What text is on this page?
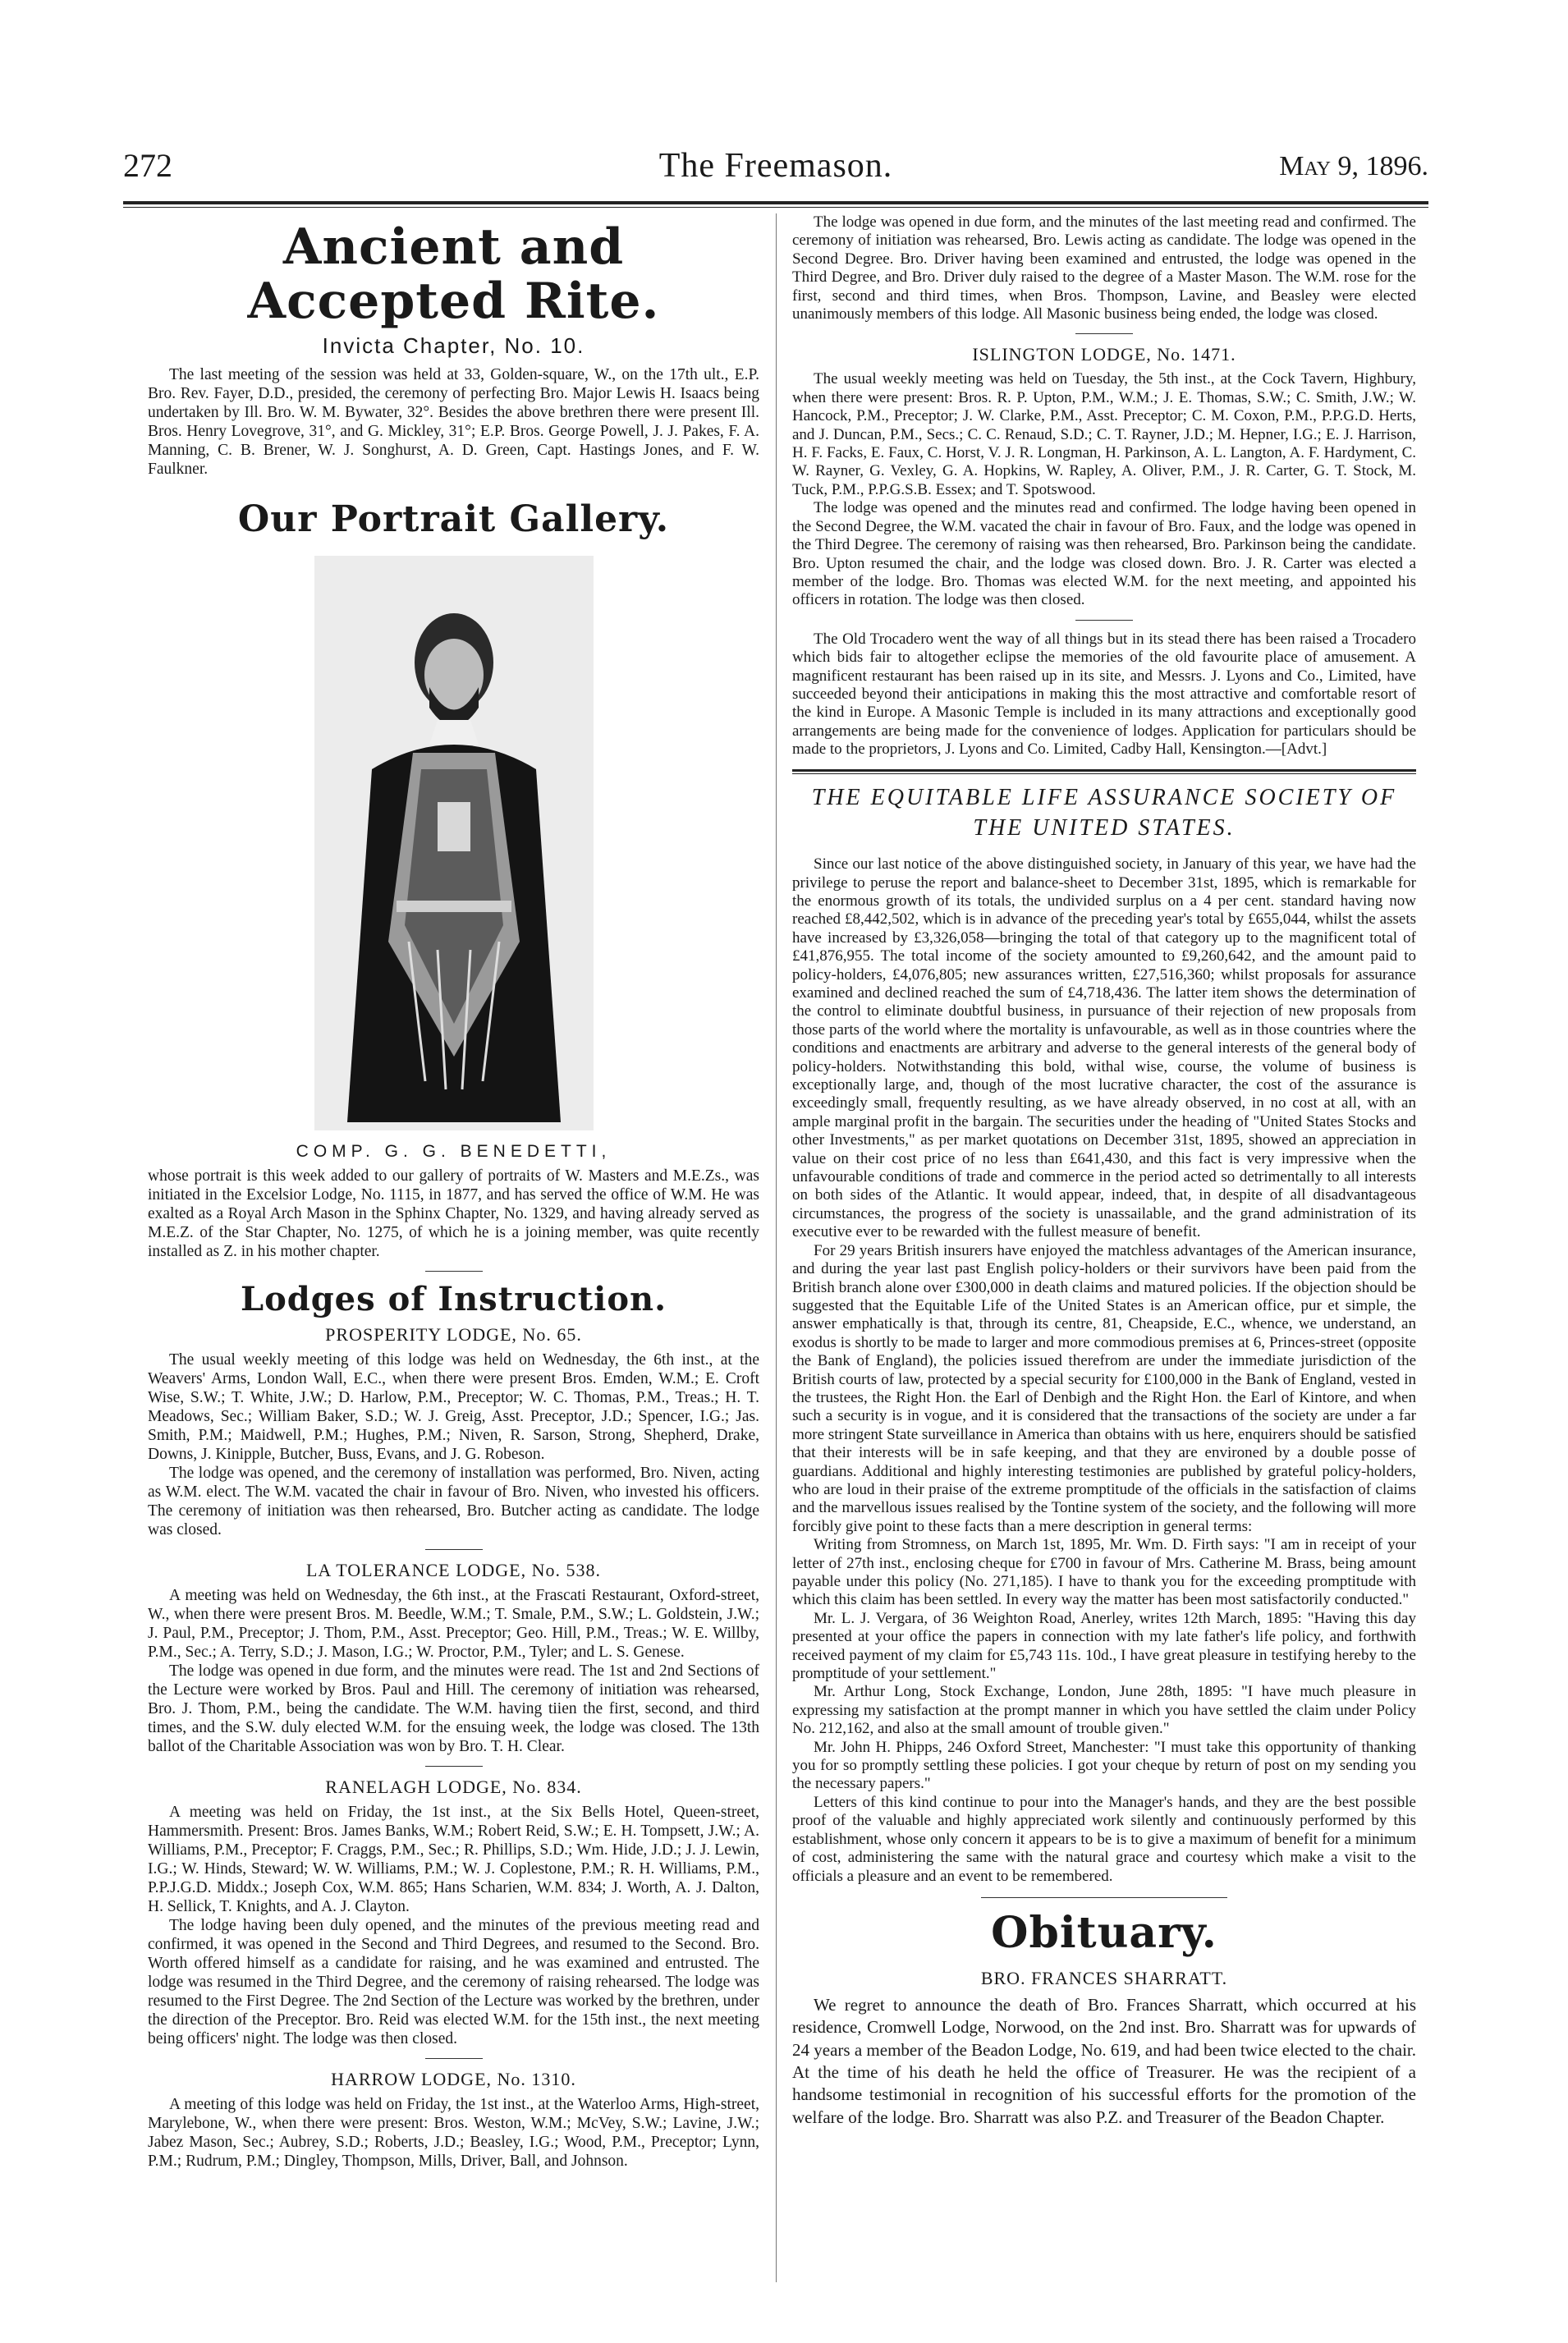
272	The Freemason.	May 9, 1896.
Ancient and Accepted Rite.
Invicta Chapter, No. 10.

The last meeting of the session was held at 33, Golden-square, W., on the 17th ult., E.P. Bro. Rev. Fayer, D.D., presided, the ceremony of perfecting Bro. Major Lewis H. Isaacs being undertaken by Ill. Bro. W. M. Bywater, 32°. Besides the above brethren there were present Ill. Bros. Henry Lovegrove, 31°, and G. Mickley, 31°; E.P. Bros. George Powell, J. J. Pakes, F. A. Manning, C. B. Brener, W. J. Songhurst, A. D. Green, Capt. Hastings Jones, and F. W. Faulkner.

Our Portrait Gallery.
COMP. G. G. BENEDETTI,

whose portrait is this week added to our gallery of portraits of W. Masters and M.E.Zs., was initiated in the Excelsior Lodge, No. 1115, in 1877, and has served the office of W.M. He was exalted as a Royal Arch Mason in the Sphinx Chapter, No. 1329, and having already served as M.E.Z. of the Star Chapter, No. 1275, of which he is a joining member, was quite recently installed as Z. in his mother chapter.

Lodges of Instruction.
PROSPERITY LODGE, No. 65.

The usual weekly meeting of this lodge was held on Wednesday, the 6th inst., at the Weavers' Arms, London Wall, E.C., when there were present Bros. Emden, W.M.; E. Croft Wise, S.W.; T. White, J.W.; D. Harlow, P.M., Preceptor; W. C. Thomas, P.M., Treas.; H. T. Meadows, Sec.; William Baker, S.D.; W. J. Greig, Asst. Preceptor, J.D.; Spencer, I.G.; Jas. Smith, P.M.; Maidwell, P.M.; Hughes, P.M.; Niven, R. Sarson, Strong, Shepherd, Drake, Downs, J. Kinipple, Butcher, Buss, Evans, and J. G. Robeson.

The lodge was opened, and the ceremony of installation was performed, Bro. Niven, acting as W.M. elect. The W.M. vacated the chair in favour of Bro. Niven, who invested his officers. The ceremony of initiation was then rehearsed, Bro. Butcher acting as candidate. The lodge was closed.

LA TOLERANCE LODGE, No. 538.

A meeting was held on Wednesday, the 6th inst., at the Frascati Restaurant, Oxford-street, W., when there were present Bros. M. Beedle, W.M.; T. Smale, P.M., S.W.; L. Goldstein, J.W.; J. Paul, P.M., Preceptor; J. Thom, P.M., Asst. Preceptor; Geo. Hill, P.M., Treas.; W. E. Willby, P.M., Sec.; A. Terry, S.D.; J. Mason, I.G.; W. Proctor, P.M., Tyler; and L. S. Genese.

The lodge was opened in due form, and the minutes were read. The 1st and 2nd Sections of the Lecture were worked by Bros. Paul and Hill. The ceremony of initiation was rehearsed, Bro. J. Thom, P.M., being the candidate. The W.M. having tiien the first, second, and third times, and the S.W. duly elected W.M. for the ensuing week, the lodge was closed. The 13th ballot of the Charitable Association was won by Bro. T. H. Clear.

RANELAGH LODGE, No. 834.

A meeting was held on Friday, the 1st inst., at the Six Bells Hotel, Queen-street, Hammersmith. Present: Bros. James Banks, W.M.; Robert Reid, S.W.; E. H. Tompsett, J.W.; A. Williams, P.M., Preceptor; F. Craggs, P.M., Sec.; R. Phillips, S.D.; Wm. Hide, J.D.; J. J. Lewin, I.G.; W. Hinds, Steward; W. W. Williams, P.M.; W. J. Coplestone, P.M.; R. H. Williams, P.M., P.P.J.G.D. Middx.; Joseph Cox, W.M. 865; Hans Scharien, W.M. 834; J. Worth, A. J. Dalton, H. Sellick, T. Knights, and A. J. Clayton.

The lodge having been duly opened, and the minutes of the previous meeting read and confirmed, it was opened in the Second and Third Degrees, and resumed to the Second. Bro. Worth offered himself as a candidate for raising, and he was examined and entrusted. The lodge was resumed in the Third Degree, and the ceremony of raising rehearsed. The lodge was resumed to the First Degree. The 2nd Section of the Lecture was worked by the brethren, under the direction of the Preceptor. Bro. Reid was elected W.M. for the 15th inst., the next meeting being officers' night. The lodge was then closed.

HARROW LODGE, No. 1310.

A meeting of this lodge was held on Friday, the 1st inst., at the Waterloo Arms, High-street, Marylebone, W., when there were present: Bros. Weston, W.M.; McVey, S.W.; Lavine, J.W.; Jabez Mason, Sec.; Aubrey, S.D.; Roberts, J.D.; Beasley, I.G.; Wood, P.M., Preceptor; Lynn, P.M.; Rudrum, P.M.; Dingley, Thompson, Mills, Driver, Ball, and Johnson.

The lodge was opened in due form, and the minutes of the last meeting read and confirmed. The ceremony of initiation was rehearsed, Bro. Lewis acting as candidate. The lodge was opened in the Second Degree. Bro. Driver having been examined and entrusted, the lodge was opened in the Third Degree, and Bro. Driver duly raised to the degree of a Master Mason. The W.M. rose for the first, second and third times, when Bros. Thompson, Lavine, and Beasley were elected unanimously members of this lodge. All Masonic business being ended, the lodge was closed.

ISLINGTON LODGE, No. 1471.

The usual weekly meeting was held on Tuesday, the 5th inst., at the Cock Tavern, Highbury, when there were present: Bros. R. P. Upton, P.M., W.M.; J. E. Thomas, S.W.; C. Smith, J.W.; W. Hancock, P.M., Preceptor; J. W. Clarke, P.M., Asst. Preceptor; C. M. Coxon, P.M., P.P.G.D. Herts, and J. Duncan, P.M., Secs.; C. C. Renaud, S.D.; C. T. Rayner, J.D.; M. Hepner, I.G.; E. J. Harrison, H. F. Facks, E. Faux, C. Horst, V. J. R. Longman, H. Parkinson, A. L. Langton, A. F. Hardyment, C. W. Rayner, G. Vexley, G. A. Hopkins, W. Rapley, A. Oliver, P.M., J. R. Carter, G. T. Stock, M. Tuck, P.M., P.P.G.S.B. Essex; and T. Spotswood.

The lodge was opened and the minutes read and confirmed. The lodge having been opened in the Second Degree, the W.M. vacated the chair in favour of Bro. Faux, and the lodge was opened in the Third Degree. The ceremony of raising was then rehearsed, Bro. Parkinson being the candidate. Bro. Upton resumed the chair, and the lodge was closed down. Bro. J. R. Carter was elected a member of the lodge. Bro. Thomas was elected W.M. for the next meeting, and appointed his officers in rotation. The lodge was then closed.

The Old Trocadero went the way of all things but in its stead there has been raised a Trocadero which bids fair to altogether eclipse the memories of the old favourite place of amusement. A magnificent restaurant has been raised up in its site, and Messrs. J. Lyons and Co., Limited, have succeeded beyond their anticipations in making this the most attractive and comfortable resort of the kind in Europe. A Masonic Temple is included in its many attractions and exceptionally good arrangements are being made for the convenience of lodges. Application for particulars should be made to the proprietors, J. Lyons and Co. Limited, Cadby Hall, Kensington.—[Advt.]

THE EQUITABLE LIFE ASSURANCE SOCIETY OF
THE UNITED STATES.

Since our last notice of the above distinguished society, in January of this year, we have had the privilege to peruse the report and balance-sheet to December 31st, 1895, which is remarkable for the enormous growth of its totals, the undivided surplus on a 4 per cent. standard having now reached £8,442,502, which is in advance of the preceding year's total by £655,044, whilst the assets have increased by £3,326,058—bringing the total of that category up to the magnificent total of £41,876,955. The total income of the society amounted to £9,260,642, and the amount paid to policy-holders, £4,076,805; new assurances written, £27,516,360; whilst proposals for assurance examined and declined reached the sum of £4,718,436. The latter item shows the determination of the control to eliminate doubtful business, in pursuance of their rejection of new proposals from those parts of the world where the mortality is unfavourable, as well as in those countries where the conditions and enactments are arbitrary and adverse to the general interests of the general body of policy-holders. Notwithstanding this bold, withal wise, course, the volume of business is exceptionally large, and, though of the most lucrative character, the cost of the assurance is exceedingly small, frequently resulting, as we have already observed, in no cost at all, with an ample marginal profit in the bargain. The securities under the heading of "United States Stocks and other Investments," as per market quotations on December 31st, 1895, showed an appreciation in value on their cost price of no less than £641,430, and this fact is very impressive when the unfavourable conditions of trade and commerce in the period acted so detrimentally to all interests on both sides of the Atlantic. It would appear, indeed, that, in despite of all disadvantageous circumstances, the progress of the society is unassailable, and the grand administration of its executive ever to be rewarded with the fullest measure of benefit.

For 29 years British insurers have enjoyed the matchless advantages of the American insurance, and during the year last past English policy-holders or their survivors have been paid from the British branch alone over £300,000 in death claims and matured policies. If the objection should be suggested that the Equitable Life of the United States is an American office, pur et simple, the answer emphatically is that, through its centre, 81, Cheapside, E.C., whence, we understand, an exodus is shortly to be made to larger and more commodious premises at 6, Princes-street (opposite the Bank of England), the policies issued therefrom are under the immediate jurisdiction of the British courts of law, protected by a special security for £100,000 in the Bank of England, vested in the trustees, the Right Hon. the Earl of Denbigh and the Right Hon. the Earl of Kintore, and when such a security is in vogue, and it is considered that the transactions of the society are under a far more stringent State surveillance in America than obtains with us here, enquirers should be satisfied that their interests will be in safe keeping, and that they are environed by a double posse of guardians. Additional and highly interesting testimonies are published by grateful policy-holders, who are loud in their praise of the extreme promptitude of the officials in the satisfaction of claims and the marvellous issues realised by the Tontine system of the society, and the following will more forcibly give point to these facts than a mere description in general terms:

Writing from Stromness, on March 1st, 1895, Mr. Wm. D. Firth says: "I am in receipt of your letter of 27th inst., enclosing cheque for £700 in favour of Mrs. Catherine M. Brass, being amount payable under this policy (No. 271,185). I have to thank you for the exceeding promptitude with which this claim has been settled. In every way the matter has been most satisfactorily conducted."

Mr. L. J. Vergara, of 36 Weighton Road, Anerley, writes 12th March, 1895: "Having this day presented at your office the papers in connection with my late father's life policy, and forthwith received payment of my claim for £5,743 11s. 10d., I have great pleasure in testifying hereby to the promptitude of your settlement."

Mr. Arthur Long, Stock Exchange, London, June 28th, 1895: "I have much pleasure in expressing my satisfaction at the prompt manner in which you have settled the claim under Policy No. 212,162, and also at the small amount of trouble given."

Mr. John H. Phipps, 246 Oxford Street, Manchester: "I must take this opportunity of thanking you for so promptly settling these policies. I got your cheque by return of post on my sending you the necessary papers."

Letters of this kind continue to pour into the Manager's hands, and they are the best possible proof of the valuable and highly appreciated work silently and continuously performed by this establishment, whose only concern it appears to be is to give a maximum of benefit for a minimum of cost, administering the same with the natural grace and courtesy which make a visit to the officials a pleasure and an event to be remembered.

Obituary.
BRO. FRANCES SHARRATT.

We regret to announce the death of Bro. Frances Sharratt, which occurred at his residence, Cromwell Lodge, Norwood, on the 2nd inst. Bro. Sharratt was for upwards of 24 years a member of the Beadon Lodge, No. 619, and had been twice elected to the chair. At the time of his death he held the office of Treasurer. He was the recipient of a handsome testimonial in recognition of his successful efforts for the promotion of the welfare of the lodge. Bro. Sharratt was also P.Z. and Treasurer of the Beadon Chapter.
